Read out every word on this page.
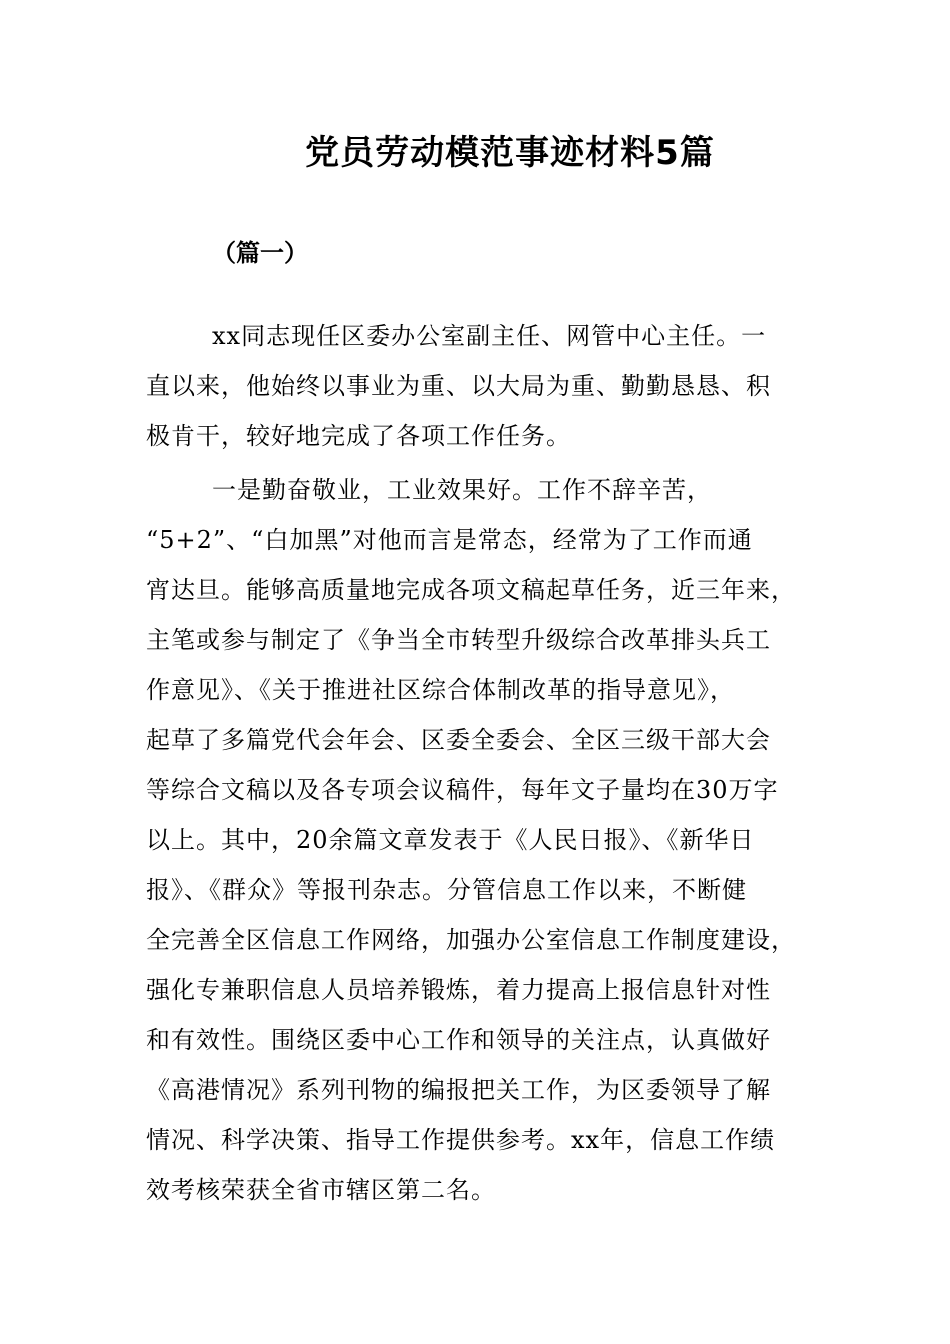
党员劳动模范事迹材料5篇
（篇一）
xx同志现任区委办公室副主任、网管中心主任。一
直以来，他始终以事业为重、以大局为重、勤勤恳恳、积
极肯干，较好地完成了各项工作任务。
一是勤奋敬业，工业效果好。工作不辞辛苦，
“5+2”、“白加黑”对他而言是常态，经常为了工作而通
宵达旦。能够高质量地完成各项文稿起草任务，近三年来，
主笔或参与制定了《争当全市转型升级综合改革排头兵工
作意见》、《关于推进社区综合体制改革的指导意见》，
起草了多篇党代会年会、区委全委会、全区三级干部大会
等综合文稿以及各专项会议稿件，每年文子量均在30万字
以上。其中，20余篇文章发表于《人民日报》、《新华日
报》、《群众》等报刊杂志。分管信息工作以来，不断健
全完善全区信息工作网络，加强办公室信息工作制度建设，
强化专兼职信息人员培养锻炼，着力提高上报信息针对性
和有效性。围绕区委中心工作和领导的关注点，认真做好
《高港情况》系列刊物的编报把关工作，为区委领导了解
情况、科学决策、指导工作提供参考。xx年，信息工作绩
效考核荣获全省市辖区第二名。
